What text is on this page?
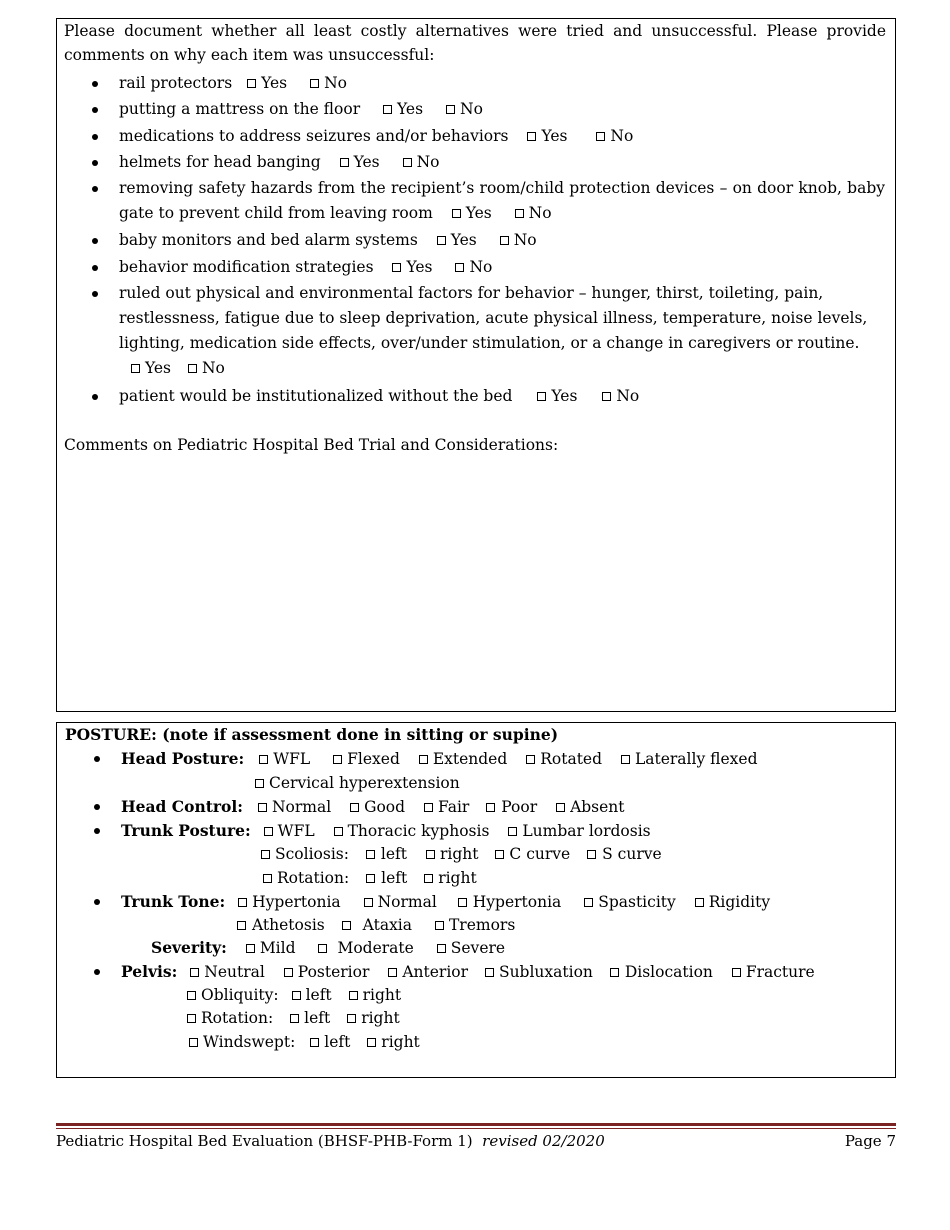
Please document whether all least costly alternatives were tried and unsuccessful. Please provide comments on why each item was unsuccessful:
rail protectors Yes No
putting a mattress on the floor Yes No
medications to address seizures and/or behaviors Yes	No
helmets for head banging Yes No
removing safety hazards from the recipient’s room/child protection devices – on door knob, baby gate to prevent child from leaving room Yes No
baby monitors and bed alarm systems Yes No
behavior modification strategies Yes No
ruled out physical and environmental factors for behavior – hunger, thirst, toileting, pain, restlessness, fatigue due to sleep deprivation, acute physical illness, temperature, noise levels, lighting, medication side effects, over/under stimulation, or a change in caregivers or routine. Yes No
patient would be institutionalized without the bed	Yes	No
Comments on Pediatric Hospital Bed Trial and Considerations:
POSTURE: (note if assessment done in sitting or supine)
Head Posture: WFL Flexed Extended Rotated Laterally flexed
Cervical hyperextension
Head Control: Normal Good Fair Poor Absent
Trunk Posture: WFL Thoracic kyphosis Lumbar lordosis
Scoliosis: left right C curve S curve
Rotation: left right
Trunk Tone: Hypertonia Normal Hypertonia Spasticity Rigidity
Athetosis Ataxia Tremors
Severity: Mild	Moderate Severe
Pelvis: Neutral Posterior Anterior Subluxation Dislocation Fracture
Obliquity: left right
Rotation: left right
Windswept: left right
Pediatric Hospital Bed Evaluation (BHSF-PHB-Form 1) revised 02/2020	Page 7
